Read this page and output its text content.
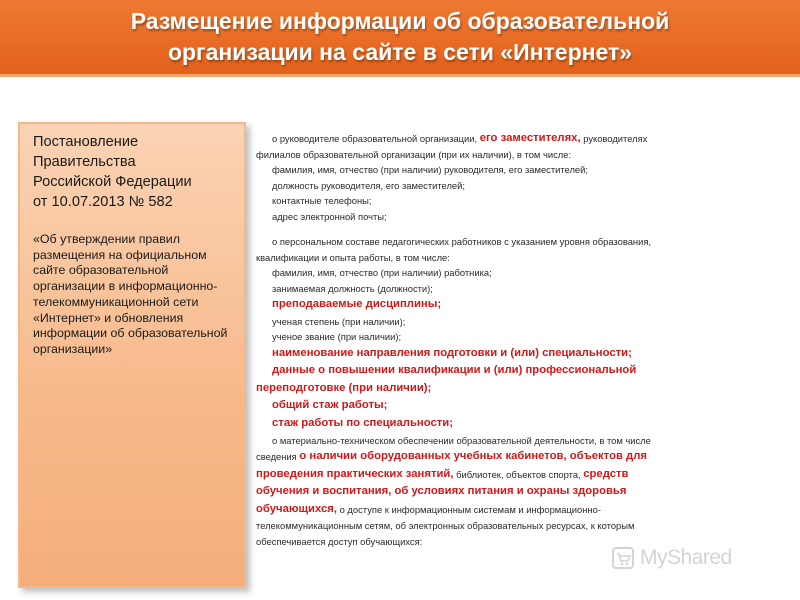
Размещение информации об образовательной
организации на сайте в сети «Интернет»

Постановление
Правительства
Российской Федерации
от 10.07.2013 № 582

«Об утверждении правил размещения на официальном сайте образовательной организации в информационно-телекоммуникационной сети «Интернет» и обновления информации об образовательной организации»

о руководителе образовательной организации, его заместителях, руководителях
филиалов образовательной организации (при их наличии), в том числе:
фамилия, имя, отчество (при наличии) руководителя, его заместителей;
должность руководителя, его заместителей;
контактные телефоны;
адрес электронной почты;
о персональном составе педагогических работников с указанием уровня образования,
квалификации и опыта работы, в том числе:
фамилия, имя, отчество (при наличии) работника;
занимаемая должность (должности);
преподаваемые дисциплины;
ученая степень (при наличии);
ученое звание (при наличии);
наименование направления подготовки и (или) специальности;
данные о повышении квалификации и (или) профессиональной
переподготовке (при наличии);
общий стаж работы;
стаж работы по специальности;
о материально-техническом обеспечении образовательной деятельности, в том числе
сведения о наличии оборудованных учебных кабинетов, объектов для
проведения практических занятий, библиотек, объектов спорта, средств
обучения и воспитания, об условиях питания и охраны здоровья
обучающихся, о доступе к информационным системам и информационно-
телекоммуникационным сетям, об электронных образовательных ресурсах, к которым
обеспечивается доступ обучающихся:
MyShared
